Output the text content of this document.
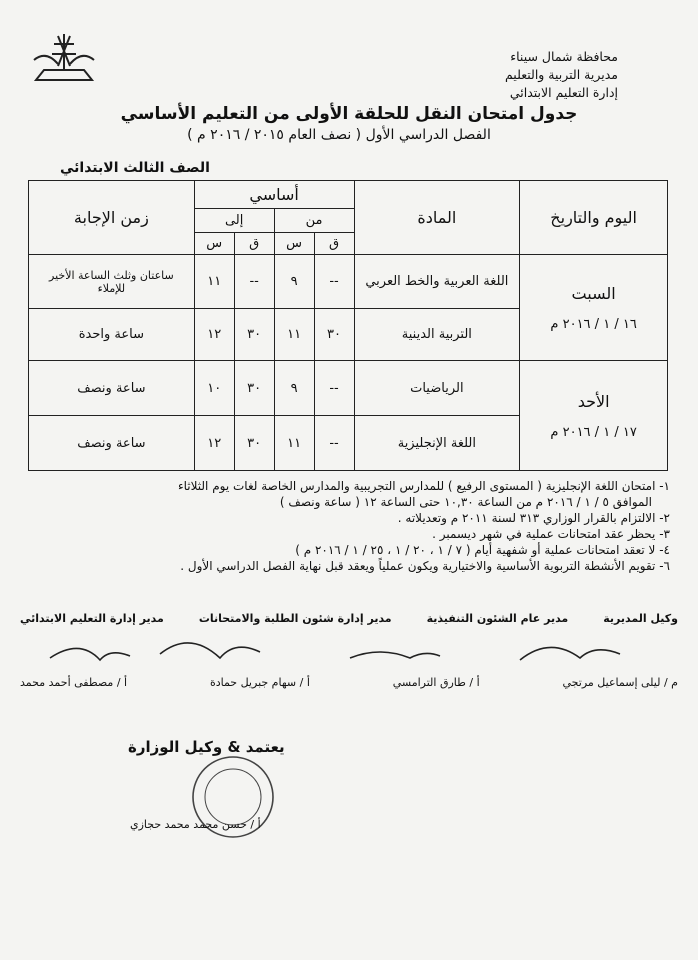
محافظة شمال سيناء
مديرية التربية والتعليم
إدارة التعليم الابتدائي
جدول امتحان النقل للحلقة الأولى من التعليم الأساسي
الفصل الدراسي الأول ( نصف العام ٢٠١٥ / ٢٠١٦ م )
الصف الثالث الابتدائي
اليوم والتاريخ	المادة	أساسي				زمن الإجابة
		من		إلى		
		ق	س	ق	س	

السبت
١٦ / ١ / ٢٠١٦ م	اللغة العربية والخط العربي	--	٩	--	١١	ساعتان وثلث الساعة الأخير للإملاء
	التربية الدينية	٣٠	١١	٣٠	١٢	ساعة واحدة

الأحد
١٧ / ١ / ٢٠١٦ م	الرياضيات	--	٩	٣٠	١٠	ساعة ونصف
	اللغة الإنجليزية	--	١١	٣٠	١٢	ساعة ونصف
١- امتحان اللغة الإنجليزية ( المستوى الرفيع ) للمدارس التجريبية والمدارس الخاصة لغات يوم الثلاثاء
الموافق ٥ / ١ / ٢٠١٦ م من الساعة ١٠,٣٠ حتى الساعة ١٢ ( ساعة ونصف )
٢- الالتزام بالقرار الوزاري ٣١٣ لسنة ٢٠١١ م وتعديلاته .
٣- يحظر عقد امتحانات عملية في شهر ديسمبر .
٤- لا تعقد امتحانات عملية أو شفهية أيام ( ٧ / ١ ، ٢٠ / ١ ، ٢٥ / ١ / ٢٠١٦ م )
٦- تقويم الأنشطة التربوية الأساسية والاختيارية ويكون عملياً ويعقد قبل نهاية الفصل الدراسي الأول .
مدير إدارة التعليم الابتدائي	مدير إدارة شئون الطلبة والامتحانات	مدير عام الشئون التنفيذية	وكيل المديرية
أ / مصطفى أحمد محمد	أ / سهام جبريل حمادة	أ / طارق الترامسي	م / ليلى إسماعيل مرتجي
يعتمد & وكيل الوزارة
أ / حسن محمد محمد حجازي
